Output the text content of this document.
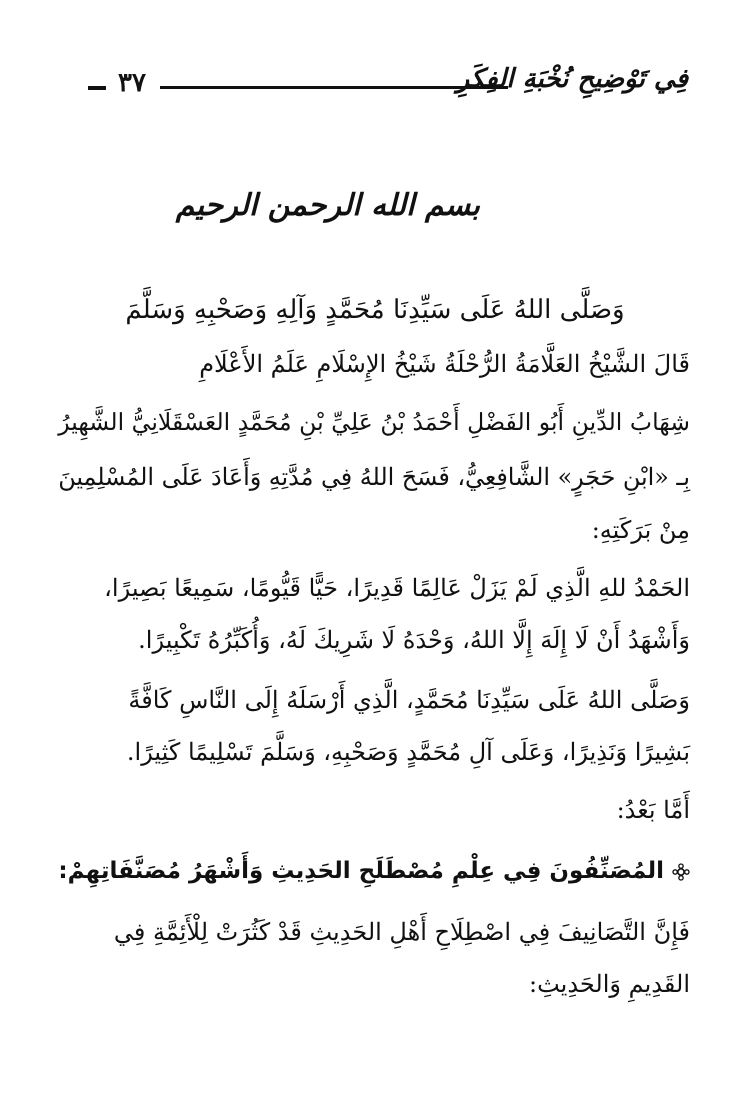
٣٧	فِي تَوْضِيحِ نُخْبَةِ الفِكَرِ
بسم الله الرحمن الرحيم
وَصَلَّى اللهُ عَلَى سَيِّدِنَا مُحَمَّدٍ وَآلِهِ وَصَحْبِهِ وَسَلَّمَ
قَالَ الشَّيْخُ العَلَّامَةُ الرُّحْلَةُ شَيْخُ الإِسْلَامِ عَلَمُ الأَعْلَامِ
شِهَابُ الدِّينِ أَبُو الفَضْلِ أَحْمَدُ بْنُ عَلِيِّ بْنِ مُحَمَّدٍ العَسْقَلَانِيُّ الشَّهِيرُ
بِـ «ابْنِ حَجَرٍ» الشَّافِعِيُّ، فَسَحَ اللهُ فِي مُدَّتِهِ وَأَعَادَ عَلَى المُسْلِمِينَ
مِنْ بَرَكَتِهِ:
الحَمْدُ للهِ الَّذِي لَمْ يَزَلْ عَالِمًا قَدِيرًا، حَيًّا قَيُّومًا، سَمِيعًا بَصِيرًا،
وَأَشْهَدُ أَنْ لَا إِلَهَ إِلَّا اللهُ، وَحْدَهُ لَا شَرِيكَ لَهُ، وَأُكَبِّرُهُ تَكْبِيرًا.
وَصَلَّى اللهُ عَلَى سَيِّدِنَا مُحَمَّدٍ، الَّذِي أَرْسَلَهُ إِلَى النَّاسِ كَافَّةً
بَشِيرًا وَنَذِيرًا، وَعَلَى آلِ مُحَمَّدٍ وَصَحْبِهِ، وَسَلَّمَ تَسْلِيمًا كَثِيرًا.
أَمَّا بَعْدُ:
المُصَنِّفُونَ فِي عِلْمِ مُصْطَلَحِ الحَدِيثِ وَأَشْهَرُ مُصَنَّفَاتِهِمْ:
فَإِنَّ التَّصَانِيفَ فِي اصْطِلَاحِ أَهْلِ الحَدِيثِ قَدْ كَثُرَتْ لِلْأَئِمَّةِ فِي
القَدِيمِ وَالحَدِيثِ:
